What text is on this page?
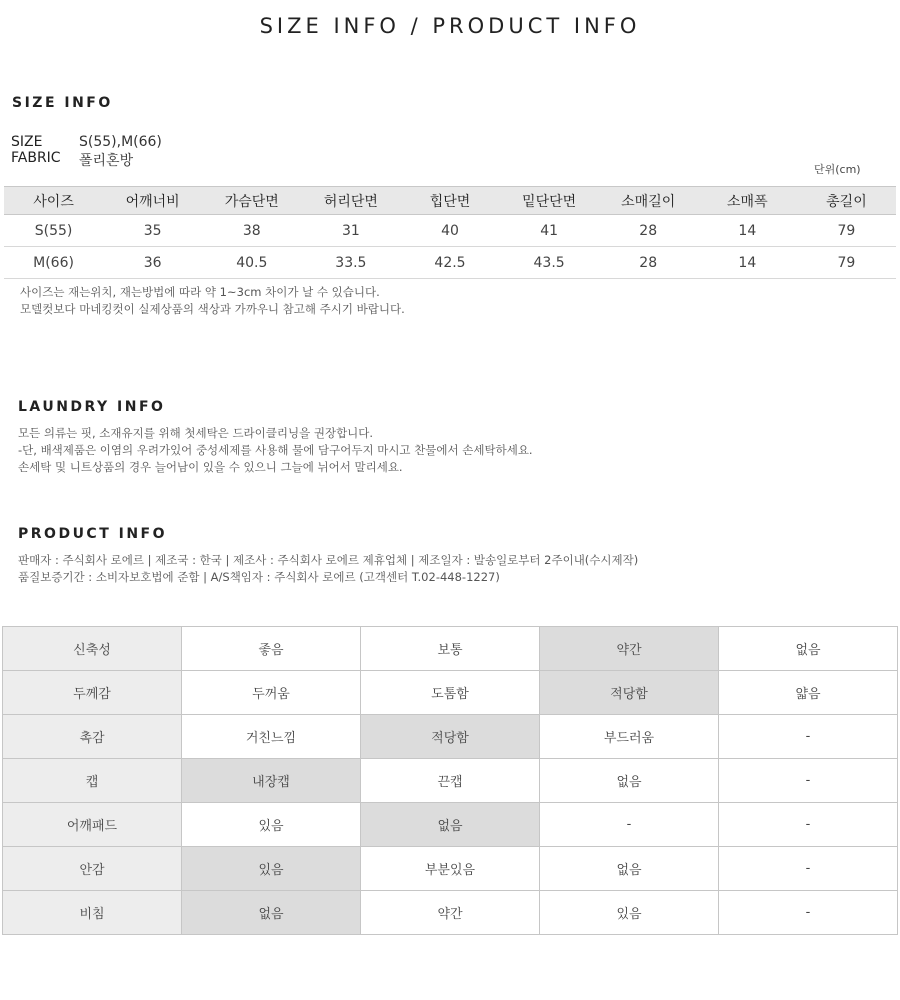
SIZE INFO / PRODUCT INFO
SIZE INFO
SIZE	S(55),M(66)
FABRIC	폴리혼방
단위(cm)
사이즈	어깨너비	가슴단면	허리단면	힙단면	밑단단면	소매길이	소매폭	총길이
S(55)	35	38	31	40	41	28	14	79
M(66)	36	40.5	33.5	42.5	43.5	28	14	79
사이즈는 재는위치, 재는방법에 따라 약 1~3cm 차이가 날 수 있습니다.
모델컷보다 마네킹컷이 실제상품의 색상과 가까우니 참고해 주시기 바랍니다.
LAUNDRY INFO
모든 의류는 핏, 소재유지를 위해 첫세탁은 드라이클리닝을 권장합니다.
-단, 배색제품은 이염의 우려가있어 중성세제를 사용해 물에 담구어두지 마시고 찬물에서 손세탁하세요.
손세탁 및 니트상품의 경우 늘어남이 있을 수 있으니 그늘에 뉘어서 말리세요.
PRODUCT INFO
판매자 : 주식회사 로에르 | 제조국 : 한국 | 제조사 : 주식회사 로에르 제휴업체 | 제조일자 : 발송일로부터 2주이내(수시제작)
품질보증기간 : 소비자보호법에 준함 | A/S책임자 : 주식회사 로에르 (고객센터 T.02-448-1227)
신축성	좋음	보통	약간	없음
두께감	두꺼움	도톰함	적당함	얇음
촉감	거친느낌	적당함	부드러움	-
캡	내장캡	끈캡	없음	-
어깨패드	있음	없음	-	-
안감	있음	부분있음	없음	-
비침	없음	약간	있음	-
